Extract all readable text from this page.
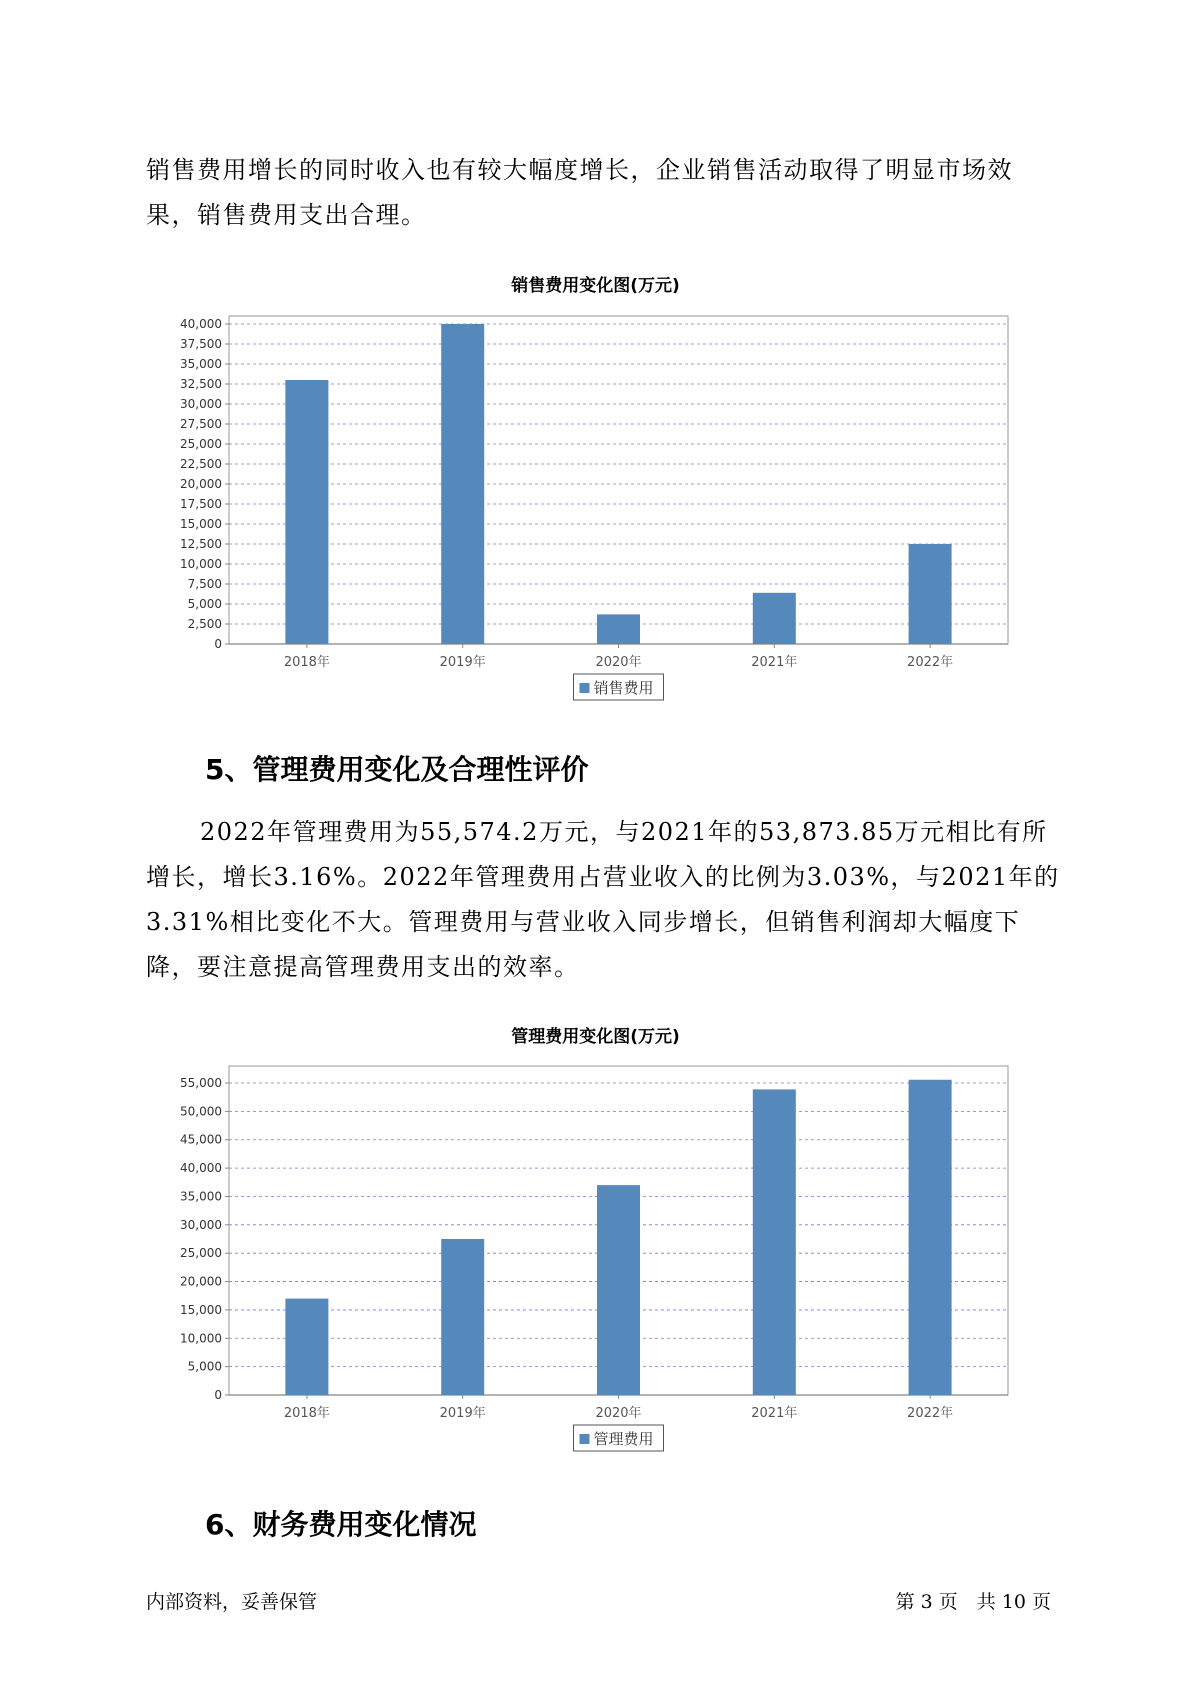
销售费用增长的同时收入也有较大幅度增长，企业销售活动取得了明显市场效果，销售费用支出合理。

销售费用变化图(万元)
0
2,500
5,000
7,500
10,000
12,500
15,000
17,500
20,000
22,500
25,000
27,500
30,000
32,500
35,000
37,500
40,000
2018年	2019年	2020年	2021年	2022年
销售费用
5、管理费用变化及合理性评价

2022年管理费用为55,574.2万元，与2021年的53,873.85万元相比有所增长，增长3.16%。2022年管理费用占营业收入的比例为3.03%，与2021年的3.31%相比变化不大。管理费用与营业收入同步增长，但销售利润却大幅度下降，要注意提高管理费用支出的效率。

管理费用变化图(万元)
0
5,000
10,000
15,000
20,000
25,000
30,000
35,000
40,000
45,000
50,000
55,000
2018年	2019年	2020年	2021年	2022年
管理费用
6、财务费用变化情况
内部资料，妥善保管	第 3 页　共 10 页
